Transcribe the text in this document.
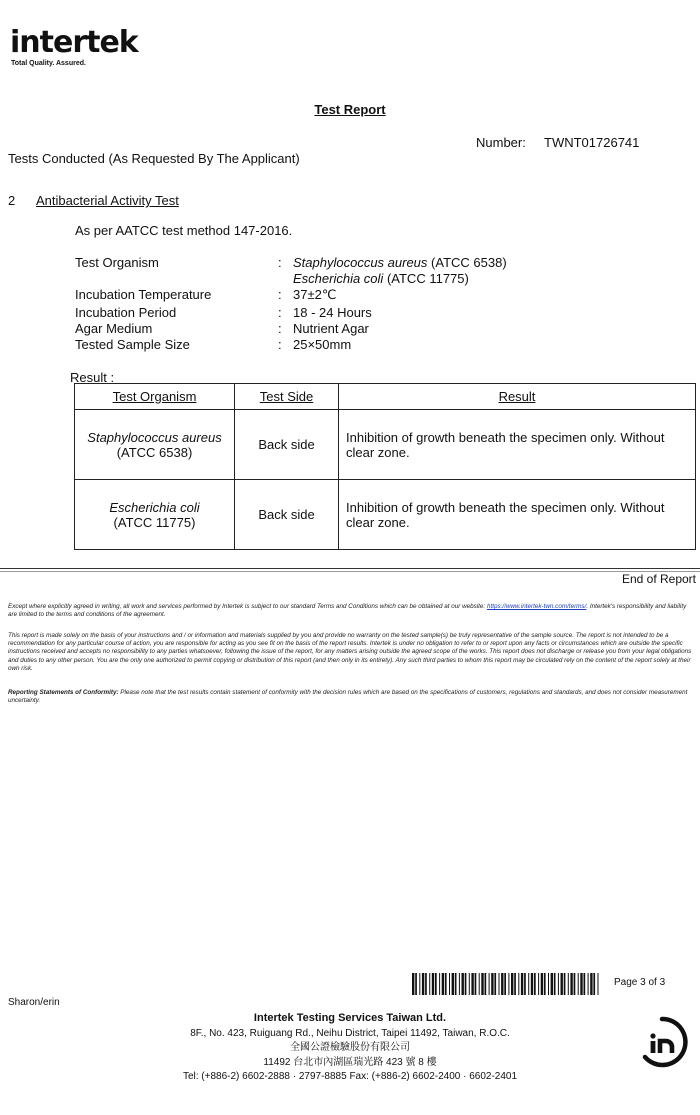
intertek
Total Quality. Assured.
Test Report
Number: TWNT01726741
Tests Conducted (As Requested By The Applicant)
2 Antibacterial Activity Test
As per AATCC test method 147-2016.
Test Organism	: Staphylococcus aureus (ATCC 6538)
Escherichia coli (ATCC 11775)
Incubation Temperature	: 37±2℃
Incubation Period	: 18 - 24 Hours
Agar Medium	: Nutrient Agar
Tested Sample Size	: 25×50mm
Result :
Test Organism	Test Side	Result
Staphylococcus aureus
(ATCC 6538)	Back side	Inhibition of growth beneath the specimen only. Without clear zone.
Escherichia coli
(ATCC 11775)	Back side	Inhibition of growth beneath the specimen only. Without clear zone.
End of Report
Except where explicitly agreed in writing, all work and services performed by Intertek is subject to our standard Terms and Conditions which can be obtained at our website: https://www.intertek-twn.com/terms/. Intertek's responsibility and liability are limited to the terms and conditions of the agreement.
This report is made solely on the basis of your instructions and / or information and materials supplied by you and provide no warranty on the tested sample(s) be truly representative of the sample source. The report is not intended to be a recommendation for any particular course of action, you are responsible for acting as you see fit on the basis of the report results. Intertek is under no obligation to refer to or report upon any facts or circumstances which are outside the specific instructions received and accepts no responsibility to any parties whatsoever, following the issue of the report, for any matters arising outside the agreed scope of the works. This report does not discharge or release you from your legal obligations and duties to any other person. You are the only one authorized to permit copying or distribution of this report (and then only in its entirety). Any such third parties to whom this report may be circulated rely on the content of the report solely at their own risk.
Reporting Statements of Conformity: Please note that the test results contain statement of conformity with the decision rules which are based on the specifications of customers, regulations and standards, and does not consider measurement uncertainty.
Page 3 of 3
Sharon/erin
Intertek Testing Services Taiwan Ltd.
8F., No. 423, Ruiguang Rd., Neihu District, Taipei 11492, Taiwan, R.O.C.
全國公證檢驗股份有限公司
11492 台北市內湖區瑞光路 423 號 8 樓
Tel: (+886-2) 6602-2888 · 2797-8885 Fax: (+886-2) 6602-2400 · 6602-2401
